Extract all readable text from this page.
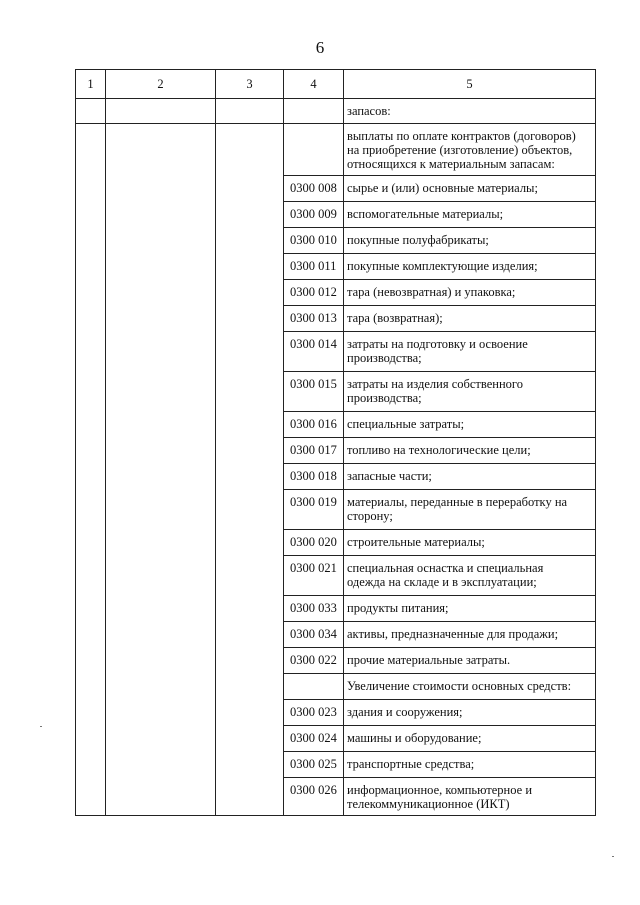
6
1	2	3	4	5

				запасов:

				выплаты по оплате контрактов (договоров)
на приобретение (изготовление) объектов,
относящихся к материальным запасам:

			0300 008	сырье и (или) основные материалы;

			0300 009	вспомогательные материалы;

			0300 010	покупные полуфабрикаты;

			0300 011	покупные комплектующие изделия;

			0300 012	тара (невозвратная) и упаковка;

			0300 013	тара (возвратная);

			0300 014	затраты на подготовку и освоение
производства;

			0300 015	затраты на изделия собственного
производства;

			0300 016	специальные затраты;

			0300 017	топливо на технологические цели;

			0300 018	запасные части;

			0300 019	материалы, переданные в переработку на
сторону;

			0300 020	строительные материалы;

			0300 021	специальная оснастка и специальная
одежда на складе и в эксплуатации;

			0300 033	продукты питания;

			0300 034	активы, предназначенные для продажи;

			0300 022	прочие материальные затраты.

				Увеличение стоимости основных средств:

			0300 023	здания и сооружения;

			0300 024	машины и оборудование;

			0300 025	транспортные средства;

			0300 026	информационное, компьютерное и
телекоммуникационное (ИКТ)
